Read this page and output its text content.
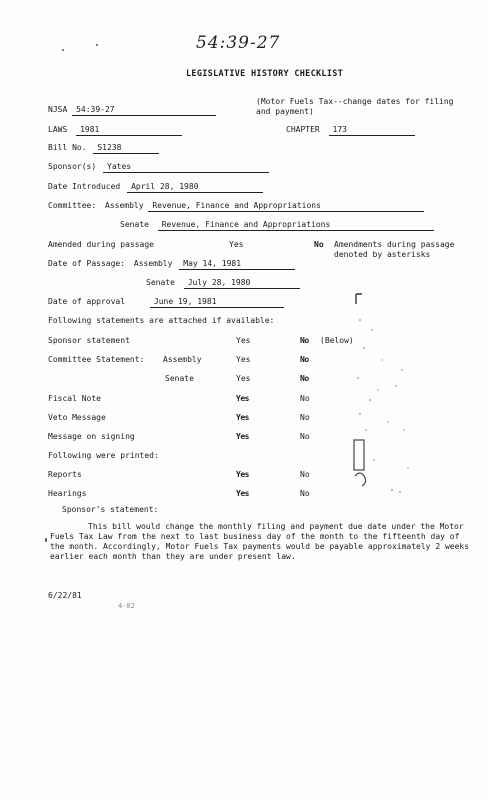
54:39-27
LEGISLATIVE HISTORY CHECKLIST
NJSA 54:39-27
(Motor Fuels Tax--change dates for filing and payment)
LAWS 1981	CHAPTER 173
Bill No. S1238
Sponsor(s) Yates
Date Introduced April 28, 1980
Committee: Assembly Revenue, Finance and Appropriations
Senate Revenue, Finance and Appropriations
Amended during passage	Yes	No Amendments during passage denoted by asterisks
Date of Passage: Assembly May 14, 1981
Senate July 28, 1980
Date of approval	June 19, 1981
Following statements are attached if available:
Sponsor statement	Yes	No (Below)
Committee Statement: Assembly	Yes	No
Senate	Yes	No
Fiscal Note	Yes	No
Veto Message	Yes	No
Message on signing	Yes	No
Following were printed:
Reports	Yes	No
Hearings	Yes	No
Sponsor's statement:
This bill would change the monthly filing and payment due date under the Motor Fuels Tax Law from the next to last business day of the month to the fifteenth day of the month. Accordingly, Motor Fuels Tax payments would be payable approximately 2 weeks earlier each month than they are under present law.
6/22/81
4-02
